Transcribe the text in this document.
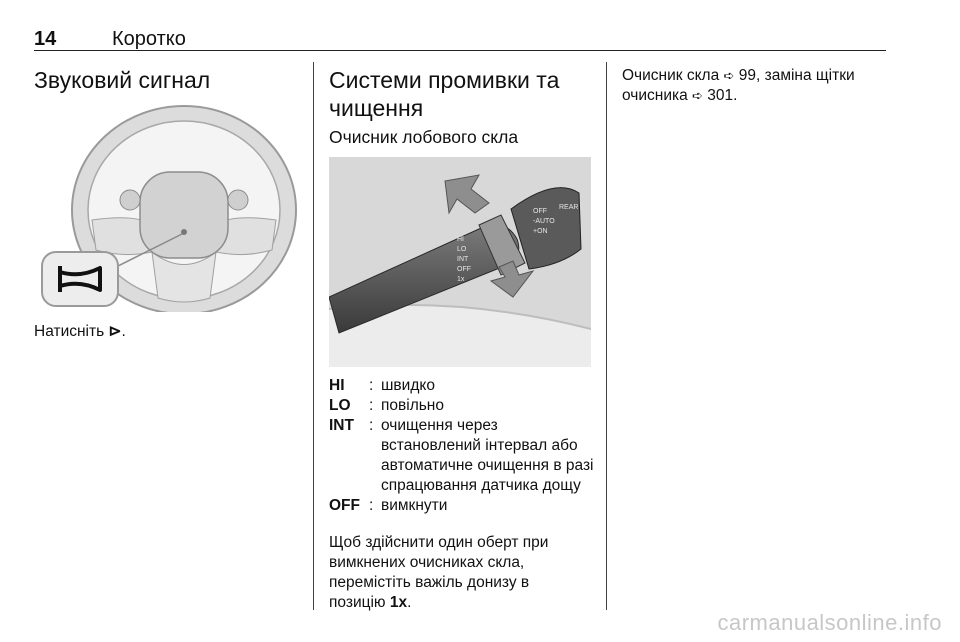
14	Коротко
Звуковий сигнал
Натисніть ⊳.
Системи промивки та
чищення
Очисник лобового скла
HI
LO
INT
OFF
1x
OFF
-AUTO
+ON
REAR
HI	: швидко
LO	: повільно
INT : очищення через встановлений інтервал або автоматичне очищення в разі спрацювання датчика дощу
OFF : вимкнути
Щоб здійснити один оберт при
вимкнених очисниках скла,
перемістіть важіль донизу в
позицію 1x.
Очисник скла ➪ 99, заміна щітки
очисника ➪ 301.
carmanualsonline.info
